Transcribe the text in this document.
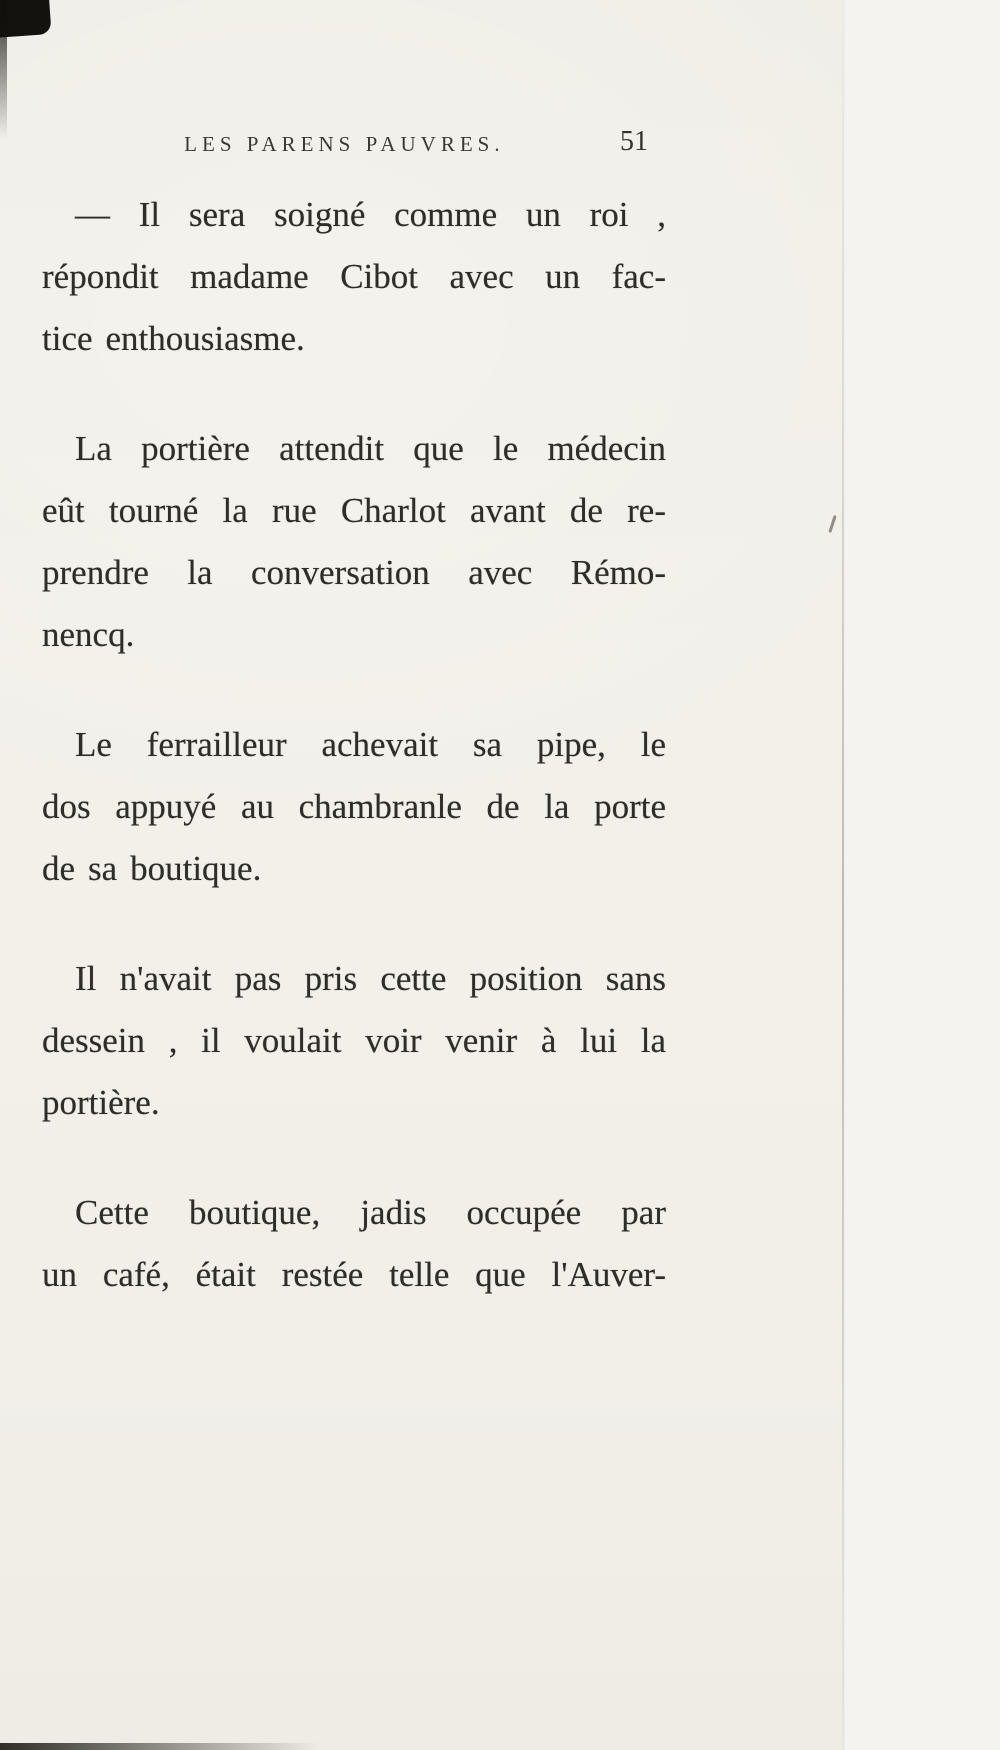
LES PARENS PAUVRES.	51
— Il sera soigné comme un roi ,
répondit madame Cibot avec un fac-
tice enthousiasme.
La portière attendit que le médecin
eût tourné la rue Charlot avant de re-
prendre la conversation avec Rémo-
nencq.
Le ferrailleur achevait sa pipe, le
dos appuyé au chambranle de la porte
de sa boutique.
Il n'avait pas pris cette position sans
dessein , il voulait voir venir à lui la
portière.
Cette boutique, jadis occupée par
un café, était restée telle que l'Auver-
